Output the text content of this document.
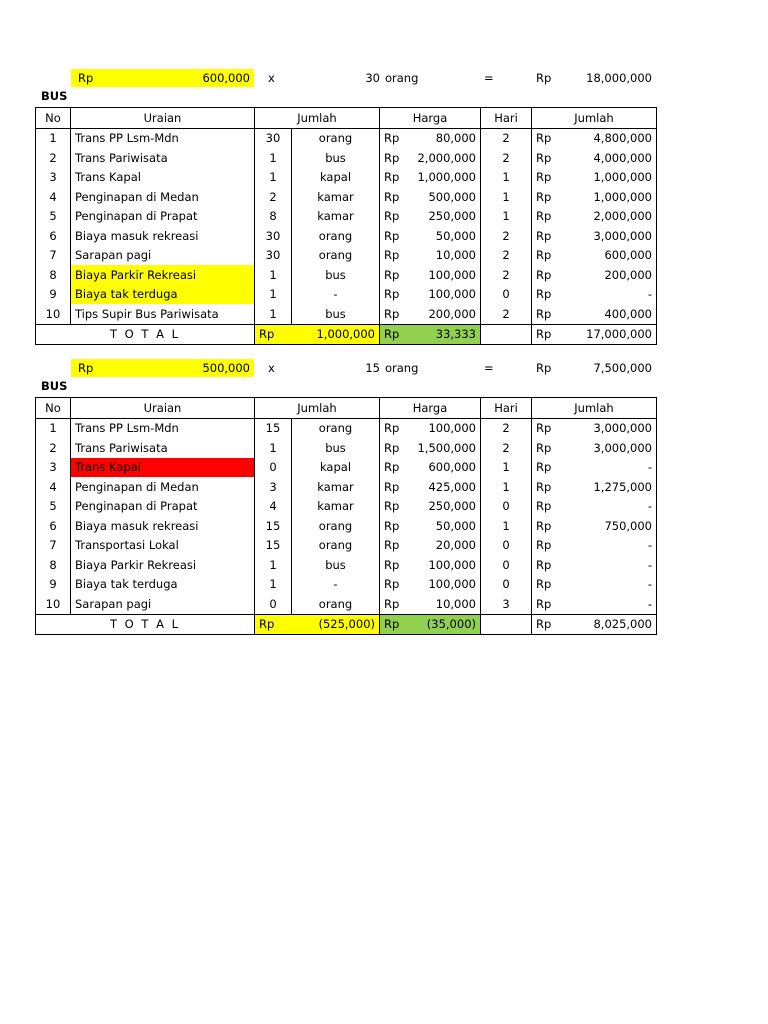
Rp	600,000 x	30 orang	=	Rp	18,000,000
BUS
No	Uraian	Jumlah		Harga		Hari	Jumlah	
1	Trans PP Lsm-Mdn	30	orang	Rp	80,000	2	Rp	4,800,000
2	Trans Pariwisata	1	bus	Rp	2,000,000	2	Rp	4,000,000
3	Trans Kapal	1	kapal	Rp	1,000,000	1	Rp	1,000,000
4	Penginapan di Medan	2	kamar	Rp	500,000	1	Rp	1,000,000
5	Penginapan di Prapat	8	kamar	Rp	250,000	1	Rp	2,000,000
6	Biaya masuk rekreasi	30	orang	Rp	50,000	2	Rp	3,000,000
7	Sarapan pagi	30	orang	Rp	10,000	2	Rp	600,000
8	Biaya Parkir Rekreasi	1	bus	Rp	100,000	2	Rp	200,000
9	Biaya tak terduga	1	-	Rp	100,000	0	Rp	-
10	Tips Supir Bus Pariwisata	1	bus	Rp	200,000	2	Rp	400,000
T O T A L		Rp	1,000,000	Rp	33,333		Rp	17,000,000
Rp	500,000 x	15 orang	=	Rp	7,500,000
BUS
No	Uraian	Jumlah		Harga		Hari	Jumlah	
1	Trans PP Lsm-Mdn	15	orang	Rp	100,000	2	Rp	3,000,000
2	Trans Pariwisata	1	bus	Rp	1,500,000	2	Rp	3,000,000
3	Trans Kapal	0	kapal	Rp	600,000	1	Rp	-
4	Penginapan di Medan	3	kamar	Rp	425,000	1	Rp	1,275,000
5	Penginapan di Prapat	4	kamar	Rp	250,000	0	Rp	-
6	Biaya masuk rekreasi	15	orang	Rp	50,000	1	Rp	750,000
7	Transportasi Lokal	15	orang	Rp	20,000	0	Rp	-
8	Biaya Parkir Rekreasi	1	bus	Rp	100,000	0	Rp	-
9	Biaya tak terduga	1	-	Rp	100,000	0	Rp	-
10	Sarapan pagi	0	orang	Rp	10,000	3	Rp	-
T O T A L		Rp	(525,000)	Rp	(35,000)		Rp	8,025,000
